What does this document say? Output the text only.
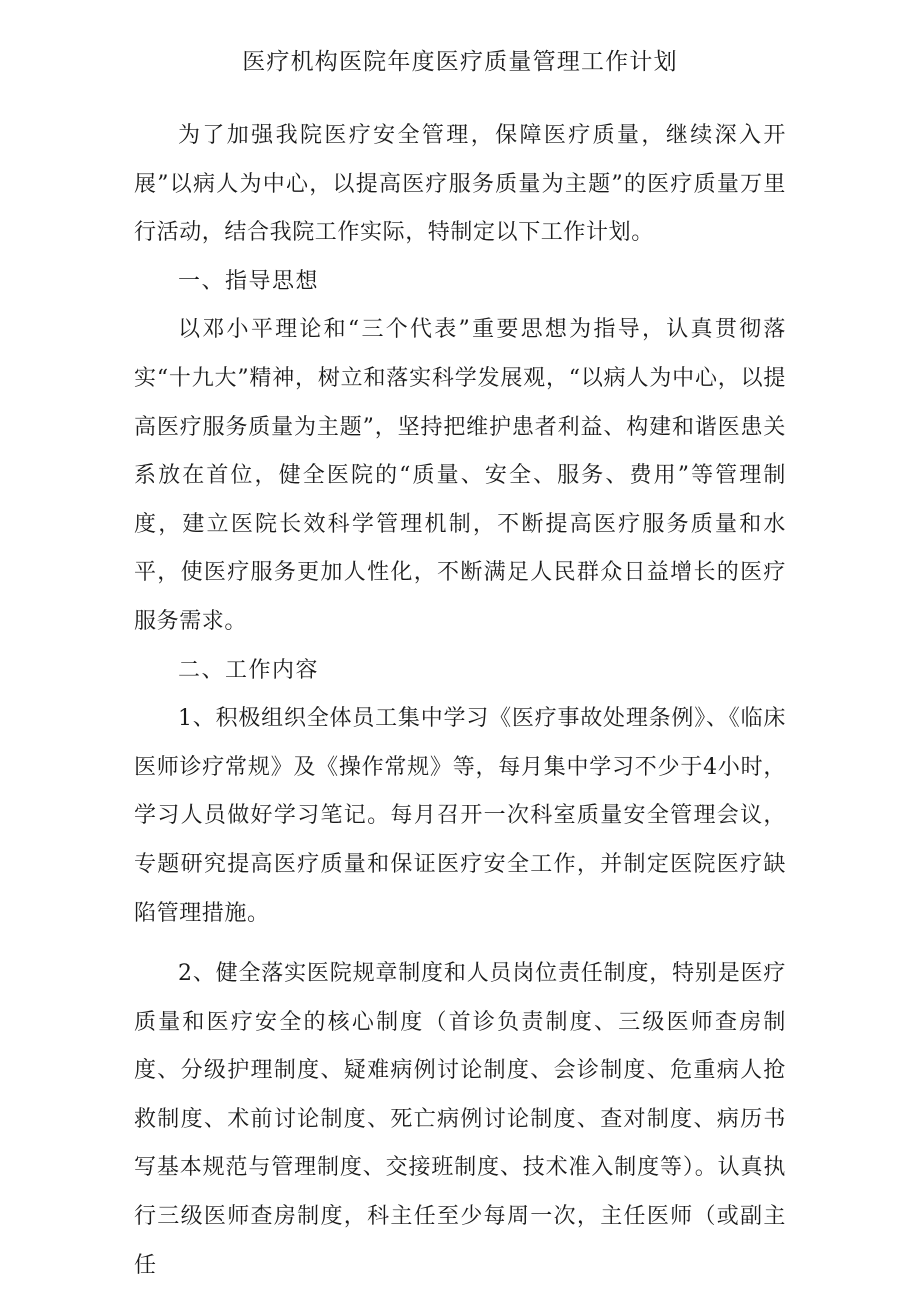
医疗机构医院年度医疗质量管理工作计划

为了加强我院医疗安全管理，保障医疗质量，继续深入开展”以病人为中心，以提高医疗服务质量为主题”的医疗质量万里行活动，结合我院工作实际，特制定以下工作计划。

一、指导思想

以邓小平理论和“三个代表”重要思想为指导，认真贯彻落实“十九大”精神，树立和落实科学发展观，“以病人为中心，以提高医疗服务质量为主题”，坚持把维护患者利益、构建和谐医患关系放在首位，健全医院的“质量、安全、服务、费用”等管理制度，建立医院长效科学管理机制，不断提高医疗服务质量和水平，使医疗服务更加人性化，不断满足人民群众日益增长的医疗服务需求。

二、工作内容

1、积极组织全体员工集中学习《医疗事故处理条例》、《临床医师诊疗常规》及《操作常规》等，每月集中学习不少于4小时，学习人员做好学习笔记。每月召开一次科室质量安全管理会议，专题研究提高医疗质量和保证医疗安全工作，并制定医院医疗缺陷管理措施。

2、健全落实医院规章制度和人员岗位责任制度，特别是医疗质量和医疗安全的核心制度（首诊负责制度、三级医师查房制度、分级护理制度、疑难病例讨论制度、会诊制度、危重病人抢救制度、术前讨论制度、死亡病例讨论制度、查对制度、病历书写基本规范与管理制度、交接班制度、技术准入制度等）。认真执行三级医师查房制度，科主任至少每周一次，主任医师（或副主任
